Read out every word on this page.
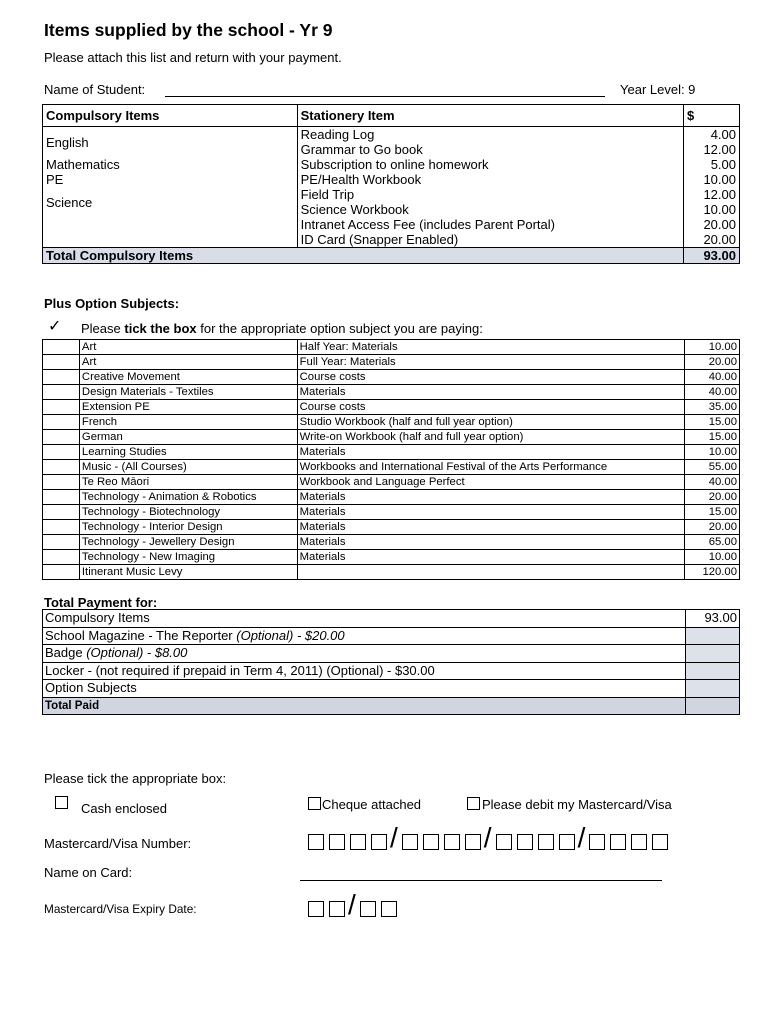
Items supplied by the school - Yr 9
Please attach this list and return with your payment.
Name of Student:	Year Level: 9
Compulsory Items	Stationery Item	$
English	Reading Log	4.00
	Grammar to Go book	12.00
Mathematics	Subscription to online homework	5.00
PE	PE/Health Workbook	10.00
Science	Field Trip	12.00
	Science Workbook	10.00
	Intranet Access Fee (includes Parent Portal)	20.00
	ID Card (Snapper Enabled)	20.00
Total Compulsory Items		93.00
Plus Option Subjects:
✓ Please tick the box for the appropriate option subject you are paying:
	Art	Half Year: Materials	10.00
	Art	Full Year: Materials	20.00
	Creative Movement	Course costs	40.00
	Design Materials - Textiles	Materials	40.00
	Extension PE	Course costs	35.00
	French	Studio Workbook (half and full year option)	15.00
	German	Write-on Workbook (half and full year option)	15.00
	Learning Studies	Materials	10.00
	Music - (All Courses)	Workbooks and International Festival of the Arts Performance	55.00
	Te Reo Māori	Workbook and Language Perfect	40.00
	Technology - Animation & Robotics	Materials	20.00
	Technology - Biotechnology	Materials	15.00
	Technology - Interior Design	Materials	20.00
	Technology - Jewellery Design	Materials	65.00
	Technology - New Imaging	Materials	10.00
	Itinerant Music Levy		120.00
Total Payment for:
Compulsory Items	93.00
School Magazine - The Reporter (Optional) - $20.00	
Badge (Optional) - $8.00	
Locker - (not required if prepaid in Term 4, 2011) (Optional) - $30.00	
Option Subjects	
Total Paid	
Please tick the appropriate box:
Cash enclosed	Cheque attached	Please debit my Mastercard/Visa
Mastercard/Visa Number:	/	/	/
Name on Card:
Mastercard/Visa Expiry Date:	/
